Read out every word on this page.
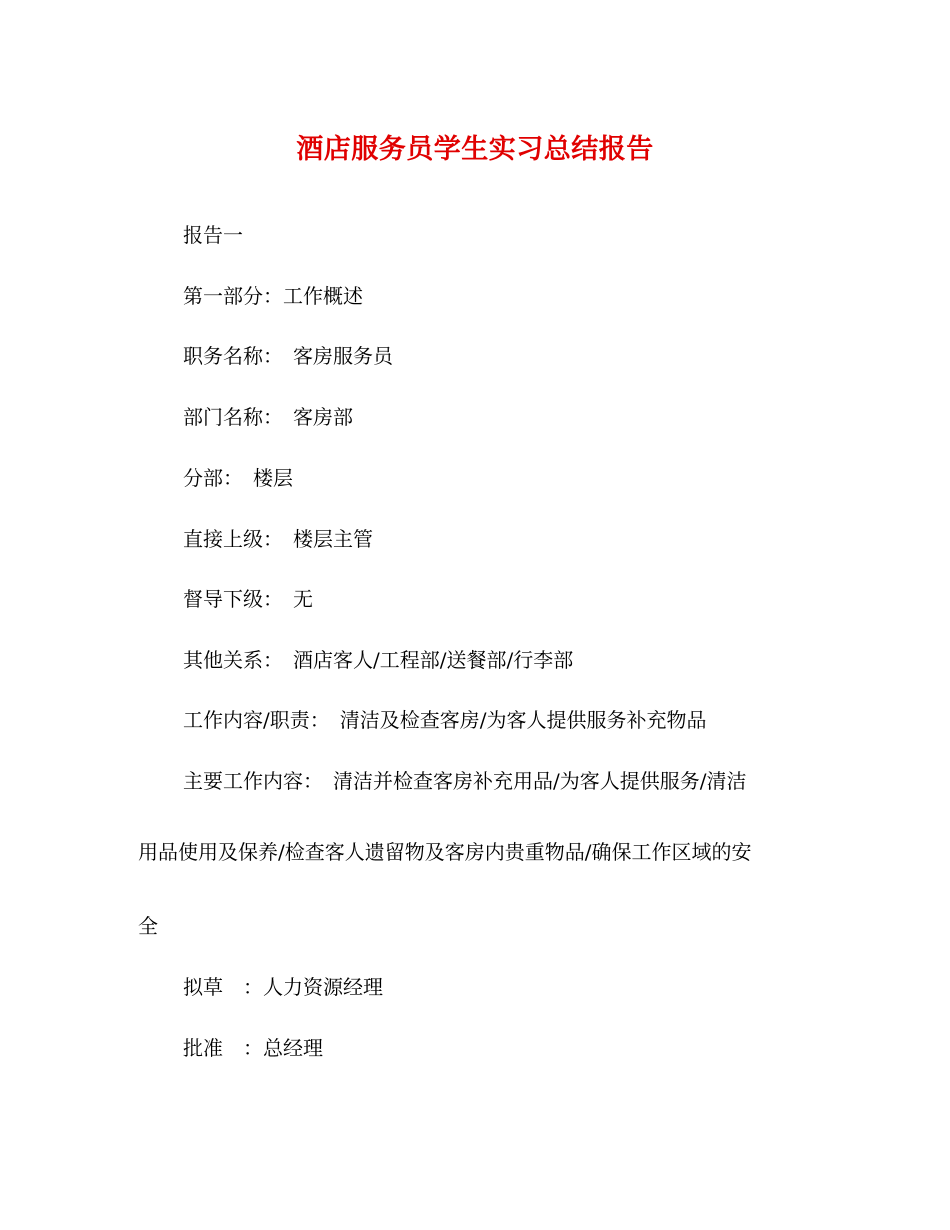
酒店服务员学生实习总结报告
报告一
第一部分：工作概述
职务名称：　客房服务员
部门名称：　客房部
分部：　楼层
直接上级：　楼层主管
督导下级：　无
其他关系：　酒店客人/工程部/送餐部/行李部
工作内容/职责：　清洁及检查客房/为客人提供服务补充物品
主要工作内容：　清洁并检查客房补充用品/为客人提供服务/清洁
用品使用及保养/检查客人遗留物及客房内贵重物品/确保工作区域的安
全
拟草　：人力资源经理
批准　：总经理
